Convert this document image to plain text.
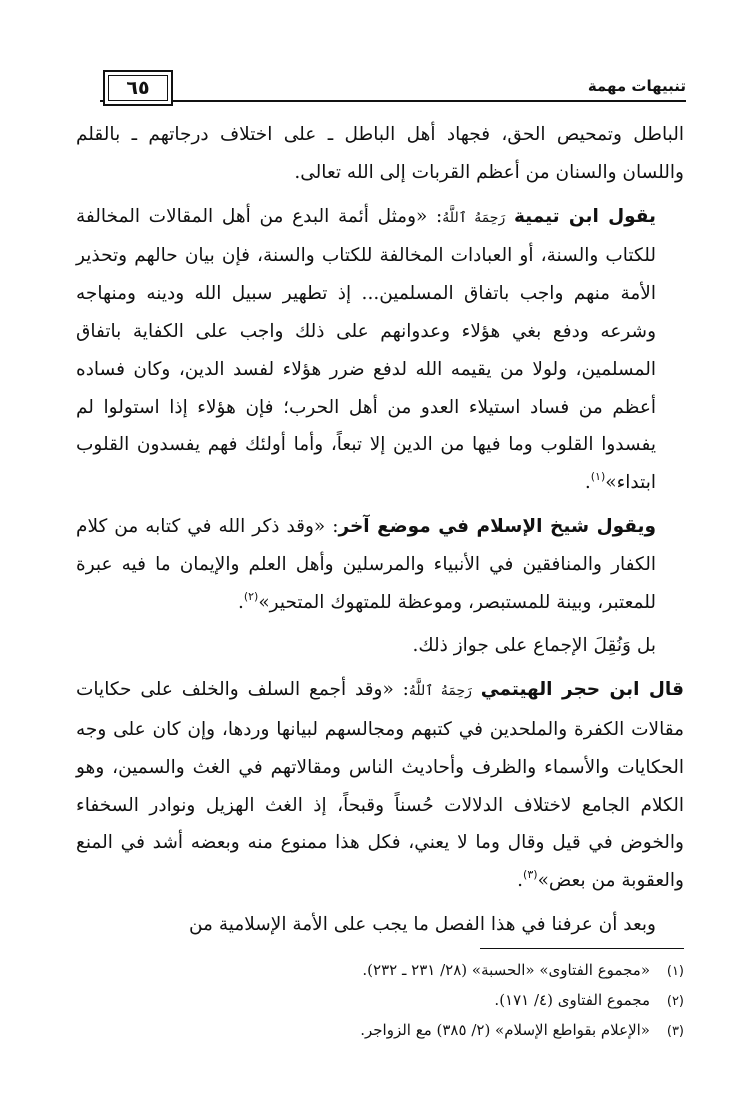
تنبيهات مهمة
٦٥

الباطل وتمحيص الحق، فجهاد أهل الباطل ـ على اختلاف درجاتهم ـ بالقلم واللسان والسنان من أعظم القربات إلى الله تعالى.

يقول ابن تيمية رَحِمَهُ ٱللَّهُ: «ومثل أئمة البدع من أهل المقالات المخالفة للكتاب والسنة، أو العبادات المخالفة للكتاب والسنة، فإن بيان حالهم وتحذير الأمة منهم واجب باتفاق المسلمين... إذ تطهير سبيل الله ودينه ومنهاجه وشرعه ودفع بغي هؤلاء وعدوانهم على ذلك واجب على الكفاية باتفاق المسلمين، ولولا من يقيمه الله لدفع ضرر هؤلاء لفسد الدين، وكان فساده أعظم من فساد استيلاء العدو من أهل الحرب؛ فإن هؤلاء إذا استولوا لم يفسدوا القلوب وما فيها من الدين إلا تبعاً، وأما أولئك فهم يفسدون القلوب ابتداء»$^{(١)}$.

ويقول شيخ الإسلام في موضع آخر: «وقد ذكر الله في كتابه من كلام الكفار والمنافقين في الأنبياء والمرسلين وأهل العلم والإيمان ما فيه عبرة للمعتبر، وبينة للمستبصر، وموعظة للمتهوك المتحير»$^{(٢)}$.

بل وَنُقِلَ الإجماع على جواز ذلك.

قال ابن حجر الهيتمي رَحِمَهُ ٱللَّهُ: «وقد أجمع السلف والخلف على حكايات مقالات الكفرة والملحدين في كتبهم ومجالسهم لبيانها وردها، وإن كان على وجه الحكايات والأسماء والظرف وأحاديث الناس ومقالاتهم في الغث والسمين، وهو الكلام الجامع لاختلاف الدلالات حُسناً وقبحاً، إذ الغث الهزيل ونوادر السخفاء والخوض في قيل وقال وما لا يعني، فكل هذا ممنوع منه وبعضه أشد في المنع والعقوبة من بعض»$^{(٣)}$.

وبعد أن عرفنا في هذا الفصل ما يجب على الأمة الإسلامية من

(١)«مجموع الفتاوى» «الحسبة» (٢٨/ ٢٣١ ـ ٢٣٢).
(٢)مجموع الفتاوى (٤/ ١٧١).
(٣)«الإعلام بقواطع الإسلام» (٢/ ٣٨٥) مع الزواجر.
